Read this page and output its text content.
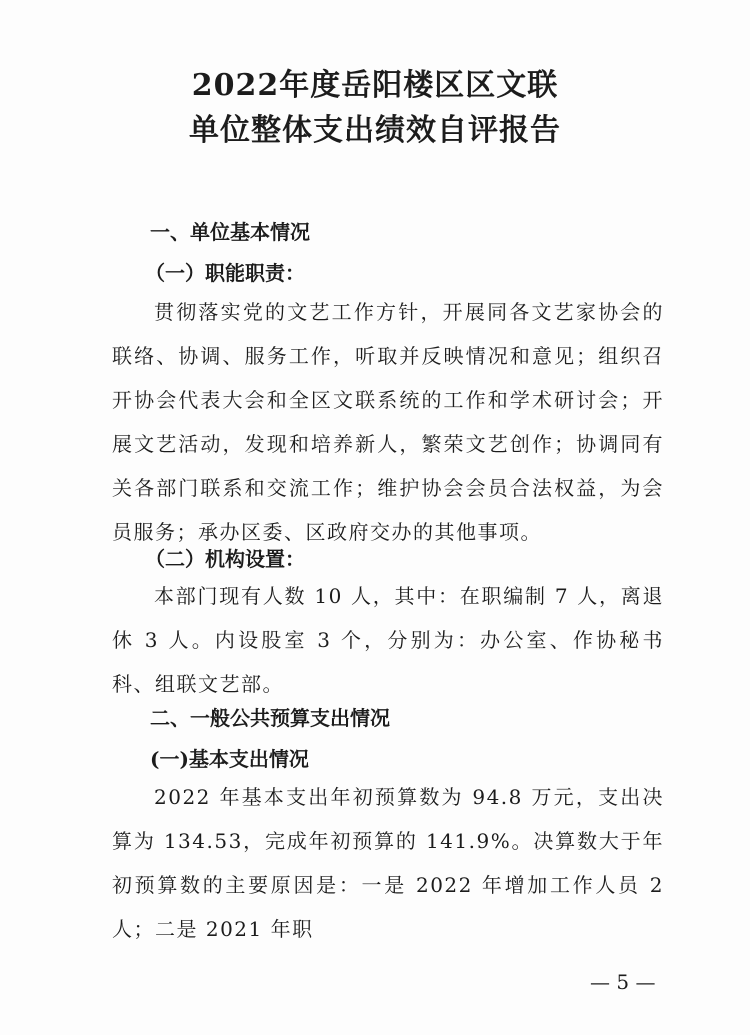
2022年度岳阳楼区区文联
单位整体支出绩效自评报告
一、单位基本情况
（一）职能职责：
贯彻落实党的文艺工作方针，开展同各文艺家协会的联络、协调、服务工作，听取并反映情况和意见；组织召开协会代表大会和全区文联系统的工作和学术研讨会；开展文艺活动，发现和培养新人，繁荣文艺创作；协调同有关各部门联系和交流工作；维护协会会员合法权益，为会员服务；承办区委、区政府交办的其他事项。
（二）机构设置：
本部门现有人数 10 人，其中：在职编制 7 人，离退休 3 人。内设股室 3 个，分别为：办公室、作协秘书科、组联文艺部。
二、一般公共预算支出情况
(一)基本支出情况
2022 年基本支出年初预算数为 94.8 万元，支出决算为 134.53，完成年初预算的 141.9%。决算数大于年初预算数的主要原因是：一是 2022 年增加工作人员 2 人；二是 2021 年职
— 5 —
